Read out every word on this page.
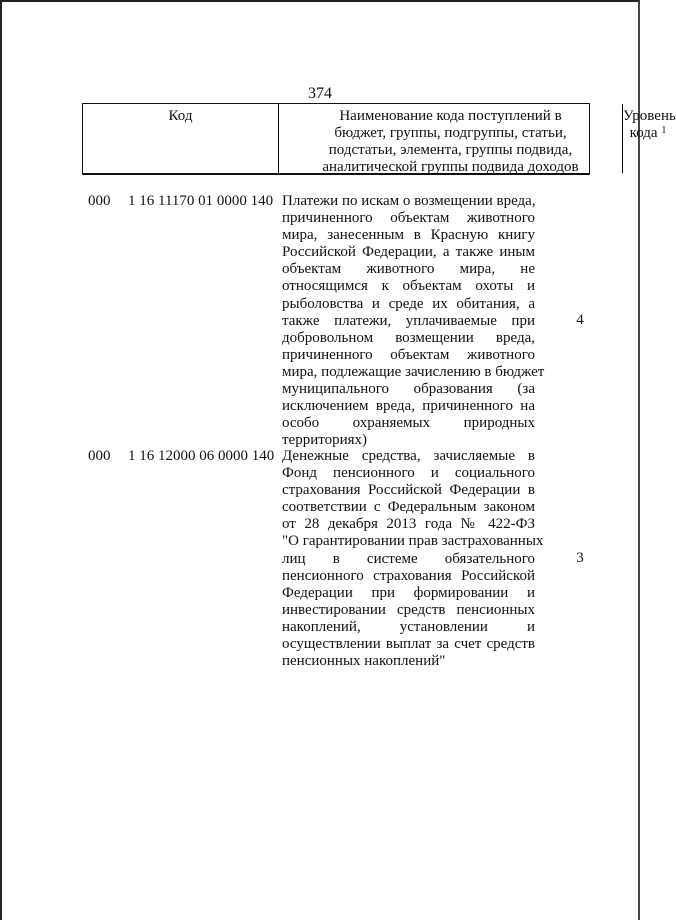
374
Код	Наименование кода поступлений в
бюджет, группы, подгруппы, статьи,
подстатьи, элемента, группы подвида,
аналитической группы подвида доходов
Уровень
кода $^1$
000 1 16 11170 01 0000 140 Платежи по искам о возмещении вреда,
причиненного объектам животного
мира, занесенным в Красную книгу
Российской Федерации, а также иным
объектам животного мира, не
относящимся к объектам охоты и
рыболовства и среде их обитания, а
также платежи, уплачиваемые при
добровольном возмещении вреда,
причиненного объектам животного
мира, подлежащие зачислению в бюджет
муниципального образования (за
исключением вреда, причиненного на
особо охраняемых природных
территориях)
4
000 1 16 12000 06 0000 140 Денежные средства, зачисляемые в
Фонд пенсионного и социального
страхования Российской Федерации в
соответствии с Федеральным законом
от 28 декабря 2013 года № 422-ФЗ
"О гарантировании прав застрахованных
лиц в системе обязательного
пенсионного страхования Российской
Федерации при формировании и
инвестировании средств пенсионных
накоплений, установлении и
осуществлении выплат за счет средств
пенсионных накоплений"
3
